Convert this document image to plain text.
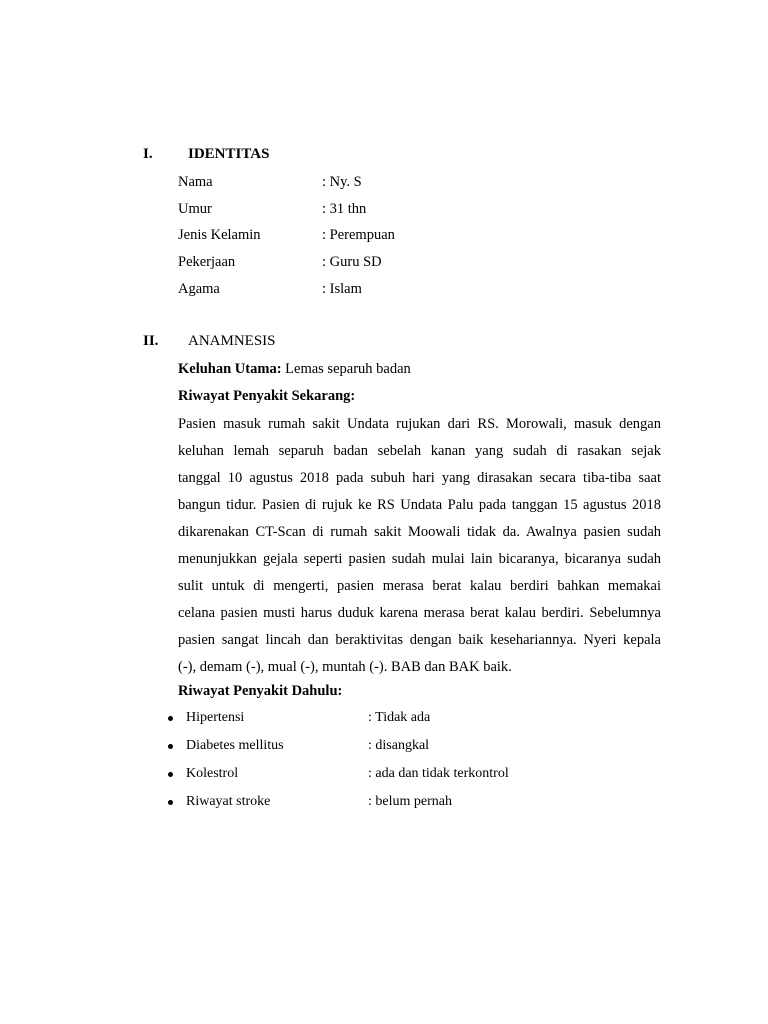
I. IDENTITAS
Nama	: Ny. S
Umur	: 31 thn
Jenis Kelamin	: Perempuan
Pekerjaan	: Guru SD
Agama	: Islam
II. ANAMNESIS
Keluhan Utama: Lemas separuh badan
Riwayat Penyakit Sekarang:
Pasien masuk rumah sakit Undata rujukan dari RS. Morowali, masuk dengan
keluhan lemah separuh badan sebelah kanan yang sudah di rasakan sejak
tanggal 10 agustus 2018 pada subuh hari yang dirasakan secara tiba-tiba saat
bangun tidur. Pasien di rujuk ke RS Undata Palu pada tanggan 15 agustus 2018
dikarenakan CT-Scan di rumah sakit Moowali tidak da. Awalnya pasien sudah
menunjukkan gejala seperti pasien sudah mulai lain bicaranya, bicaranya sudah
sulit untuk di mengerti, pasien merasa berat kalau berdiri bahkan memakai
celana pasien musti harus duduk karena merasa berat kalau berdiri. Sebelumnya
pasien sangat lincah dan beraktivitas dengan baik kesehariannya. Nyeri kepala
(-), demam (-), mual (-), muntah (-). BAB dan BAK baik.
Riwayat Penyakit Dahulu:
Hipertensi	: Tidak ada
Diabetes mellitus	: disangkal
Kolestrol	: ada dan tidak terkontrol
Riwayat stroke	: belum pernah
